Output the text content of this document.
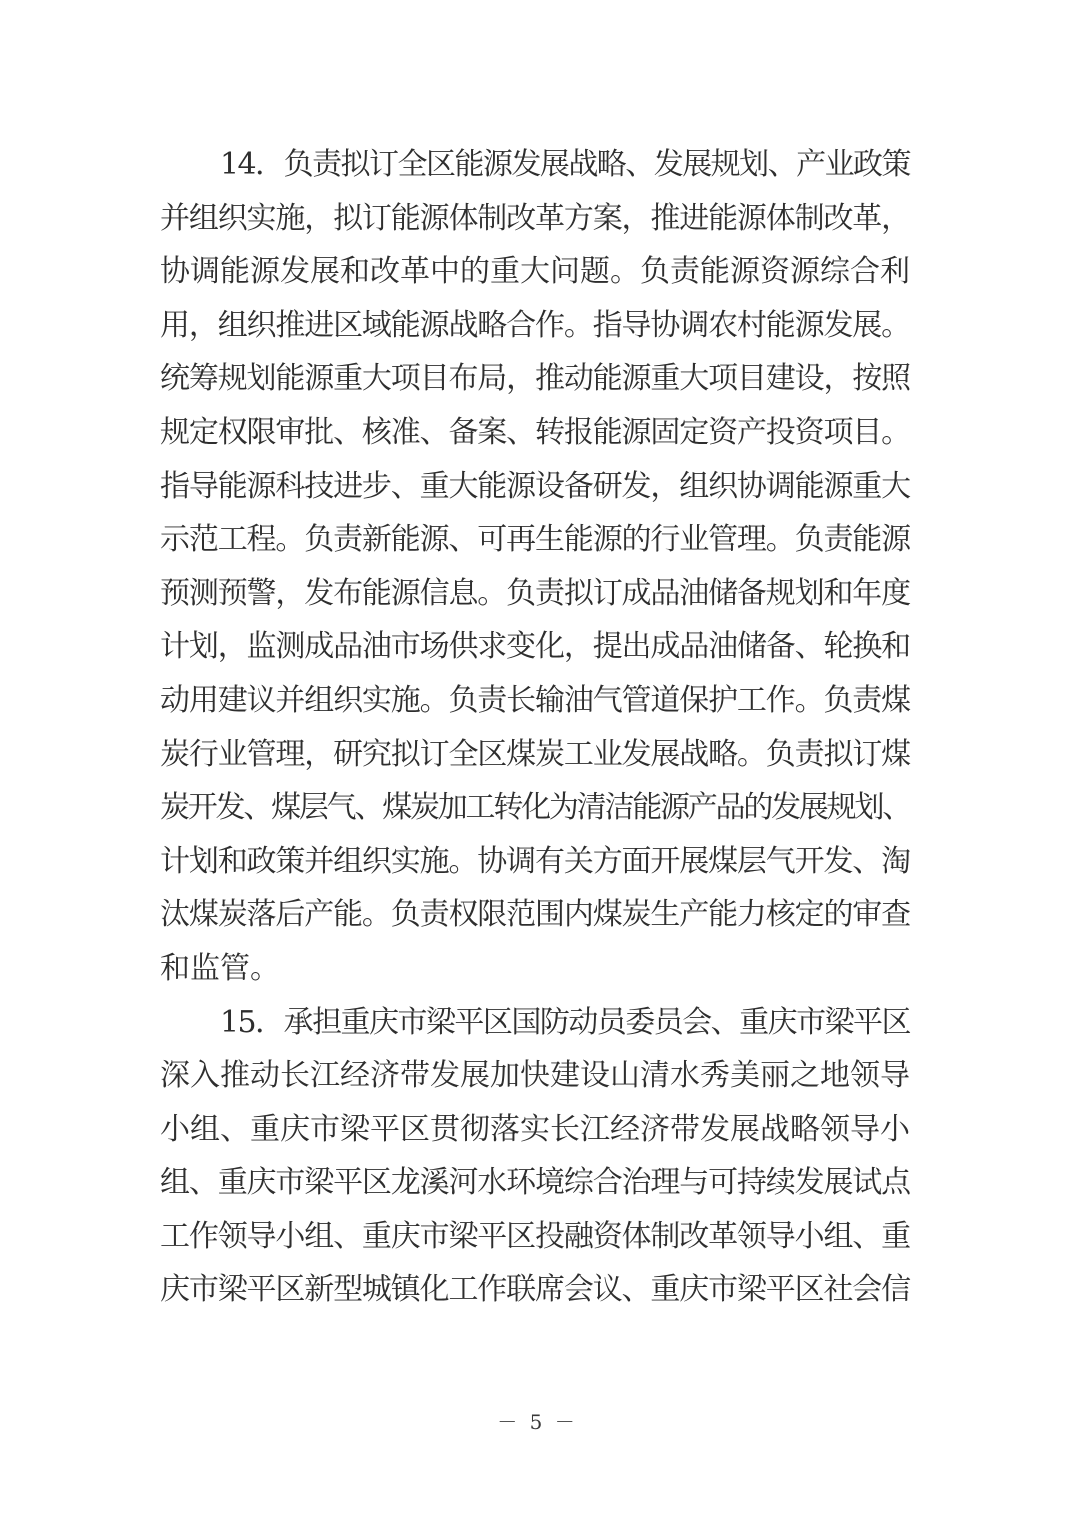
14．负责拟订全区能源发展战略、发展规划、产业政策
并组织实施，拟订能源体制改革方案，推进能源体制改革，
协调能源发展和改革中的重大问题。负责能源资源综合利
用，组织推进区域能源战略合作。指导协调农村能源发展。
统筹规划能源重大项目布局，推动能源重大项目建设，按照
规定权限审批、核准、备案、转报能源固定资产投资项目。
指导能源科技进步、重大能源设备研发，组织协调能源重大
示范工程。负责新能源、可再生能源的行业管理。负责能源
预测预警，发布能源信息。负责拟订成品油储备规划和年度
计划，监测成品油市场供求变化，提出成品油储备、轮换和
动用建议并组织实施。负责长输油气管道保护工作。负责煤
炭行业管理，研究拟订全区煤炭工业发展战略。负责拟订煤
炭开发、煤层气、煤炭加工转化为清洁能源产品的发展规划、
计划和政策并组织实施。协调有关方面开展煤层气开发、淘
汰煤炭落后产能。负责权限范围内煤炭生产能力核定的审查
和监管。
15．承担重庆市梁平区国防动员委员会、重庆市梁平区
深入推动长江经济带发展加快建设山清水秀美丽之地领导
小组、重庆市梁平区贯彻落实长江经济带发展战略领导小
组、重庆市梁平区龙溪河水环境综合治理与可持续发展试点
工作领导小组、重庆市梁平区投融资体制改革领导小组、重
庆市梁平区新型城镇化工作联席会议、重庆市梁平区社会信
－ 5 －
